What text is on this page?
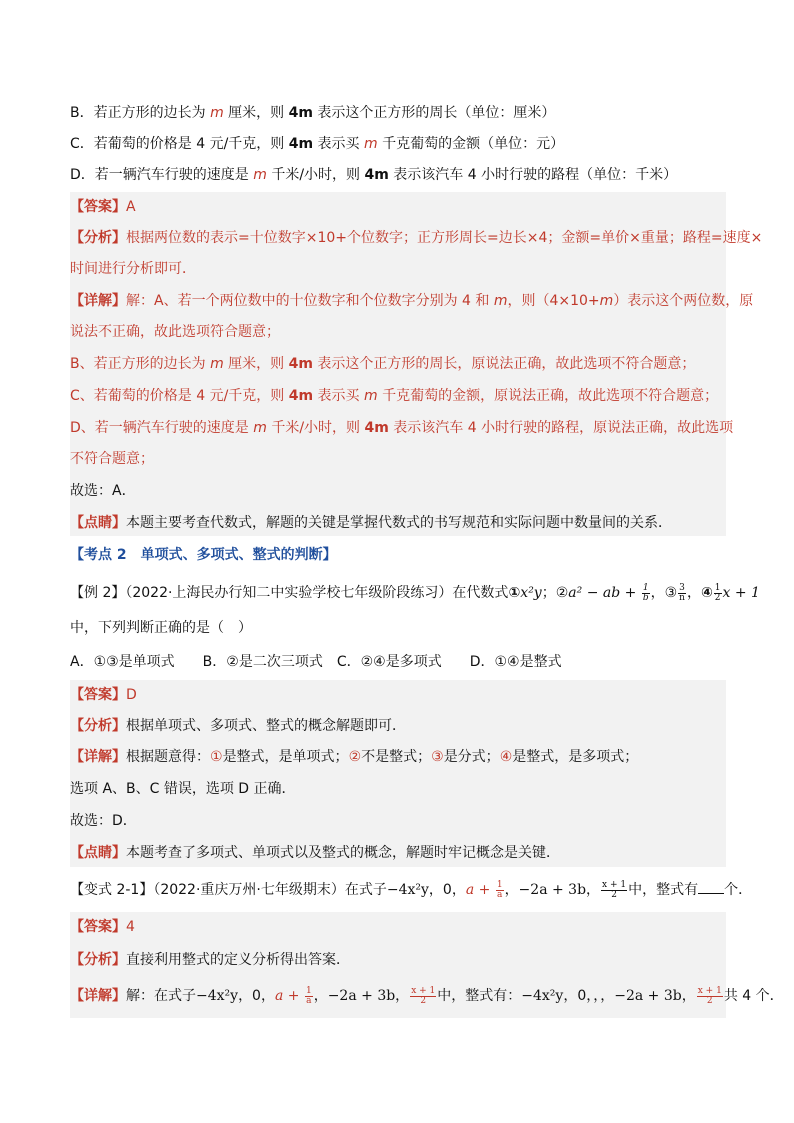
B．若正方形的边长为 m 厘米，则 4m 表示这个正方形的周长（单位：厘米）
C．若葡萄的价格是 4 元/千克，则 4m 表示买 m 千克葡萄的金额（单位：元）
D．若一辆汽车行驶的速度是 m 千米/小时，则 4m 表示该汽车 4 小时行驶的路程（单位：千米）
【答案】A
【分析】根据两位数的表示=十位数字×10+个位数字；正方形周长=边长×4；金额=单价×重量；路程=速度×
时间进行分析即可．
【详解】解：A、若一个两位数中的十位数字和个位数字分别为 4 和 m，则（4×10+m）表示这个两位数，原
说法不正确，故此选项符合题意；
B、若正方形的边长为 m 厘米，则 4m 表示这个正方形的周长，原说法正确，故此选项不符合题意；
C、若葡萄的价格是 4 元/千克，则 4m 表示买 m 千克葡萄的金额，原说法正确，故此选项不符合题意；
D、若一辆汽车行驶的速度是 m 千米/小时，则 4m 表示该汽车 4 小时行驶的路程，原说法正确，故此选项
不符合题意；
故选：A．
【点睛】本题主要考查代数式，解题的关键是掌握代数式的书写规范和实际问题中数量间的关系．
【考点 2　单项式、多项式、整式的判断】
【例 2】（2022·上海民办行知二中实验学校七年级阶段练习）在代数式①x²y；②a² − ab + $\frac{1}{b}$ ，③ $\frac{3}{n}$ ，④ $\frac{1}{2}$ x + 1
中，下列判断正确的是（　）
A．①③是单项式　　B．②是二次三项式　C．②④是多项式　　D．①④是整式
【答案】D
【分析】根据单项式、多项式、整式的概念解题即可．
【详解】根据题意得：①是整式，是单项式；②不是整式；③是分式；④是整式，是多项式；
选项 A、B、C 错误，选项 D 正确．
故选：D．
【点睛】本题考查了多项式、单项式以及整式的概念，解题时牢记概念是关键．
【变式 2-1】（2022·重庆万州·七年级期末）在式子−4x²y，0，$a + \frac{1}{a}$ ，−2a + 3b， $\frac{x + 1}{2}$ 中，整式有 个．
【答案】4
【分析】直接利用整式的定义分析得出答案．
【详解】解：在式子−4x²y，0，$a + \frac{1}{a}$ ，−2a + 3b， $\frac{x + 1}{2}$ 中，整式有：−4x²y，0，，，−2a + 3b， $\frac{x + 1}{2}$ 共 4 个．
